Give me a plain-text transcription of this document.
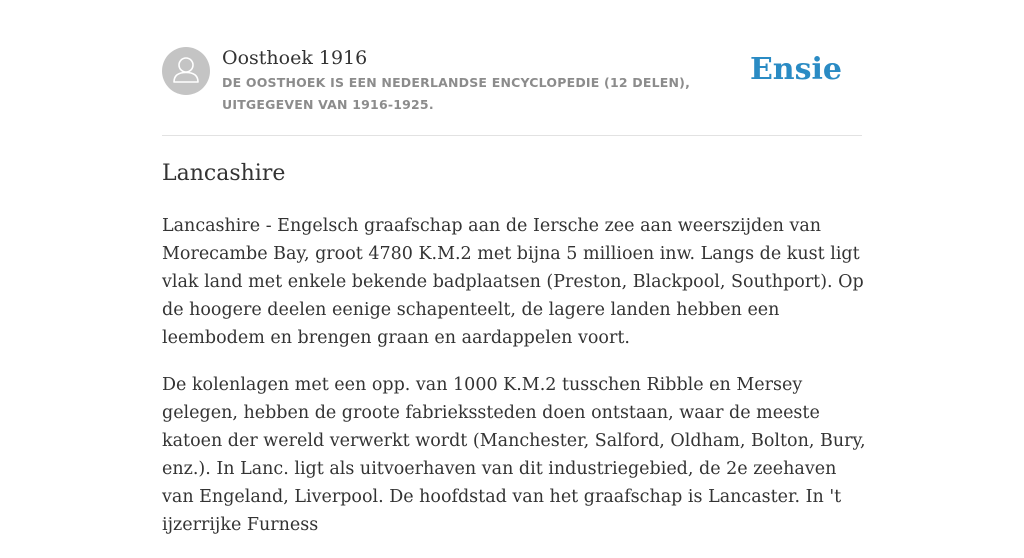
Oosthoek 1916
DE OOSTHOEK IS EEN NEDERLANDSE ENCYCLOPEDIE (12 DELEN), UITGEGEVEN VAN 1916-1925.
Ensie
Lancashire

Lancashire - Engelsch graafschap aan de Iersche zee aan weerszijden van Morecambe Bay, groot 4780 K.M.2 met bijna 5 millioen inw. Langs de kust ligt vlak land met enkele bekende badplaatsen (Preston, Blackpool, Southport). Op de hoogere deelen eenige schapenteelt, de lagere landen hebben een leembodem en brengen graan en aardappelen voort.

De kolenlagen met een opp. van 1000 K.M.2 tusschen Ribble en Mersey gelegen, hebben de groote fabriekssteden doen ontstaan, waar de meeste katoen der wereld verwerkt wordt (Manchester, Salford, Oldham, Bolton, Bury, enz.). In Lanc. ligt als uitvoerhaven van dit industriegebied, de 2e zeehaven van Engeland, Liverpool. De hoofdstad van het graafschap is Lancaster. In 't ijzerrijke Furness
